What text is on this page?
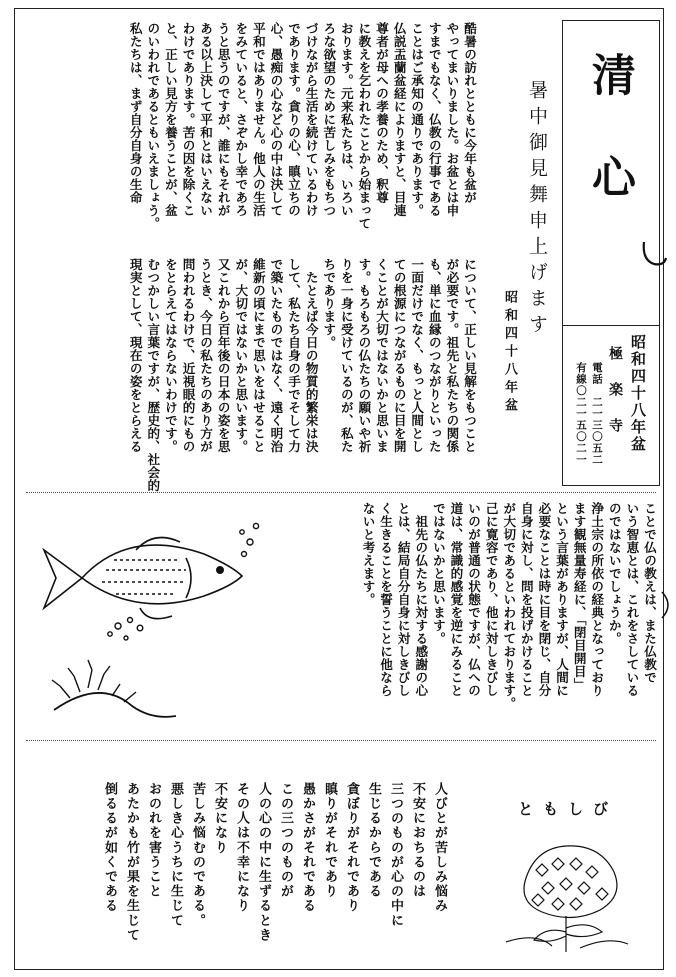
清心
昭和四十八年盆
極　楽　寺
電話　二一三〇五二
有線〇二一五〇二一
暑中御見舞申上げます
昭和四十八年盆
酷暑の訪れとともに今年も盆が
やってまいりました。お盆とは申
すまでもなく、仏教の行事である
ことはご承知の通りであります。
仏説盂蘭盆経によりますと、目連
尊者が母への孝養のため、釈尊
に教えを乞われたことから始まって
おります。元来私たちは、いろい
ろな欲望のために苦しみをもちつ
づけながら生活を続けているわけ
であります。貪りの心、瞋立ちの
心、愚痴の心など心の中は決して
平和ではありません。他人の生活
をみていると、さぞかし幸であろ
うと思うのですが、誰にもそれが
ある以上決して平和とはいえない
わけであります。苦の因を除くこ
と、正しい見方を養うことが、盆
のいわれであるともいえましょう。
私たちは、まず自分自身の生命
について、正しい見解をもつこと
が必要です。祖先と私たちの関係
も、単に血縁のつながりといった
一面だけでなく、もっと人間とし
ての根源につながるものに目を開
くことが大切ではないかと思いま
す。もろもろの仏たちの願いや祈
りを一身に受けているのが、私た
ちであります。
　たとえば今日の物質的繁栄は決
して、私たち自身の手でそして力
で築いたものではなく、遠く明治
維新の頃にまで思いをはせること
が、大切ではないかと思います。
又これから百年後の日本の姿を思
うとき、今日の私たちのあり方が
問われるわけで、近視眼的にもの
をとらえてはならないわけです。
むつかしい言葉ですが、歴史的、社会的
現実として、現在の姿をとらえる
ことで仏の教えは、また仏教で
いう智恵とは、これをさしている
のではないでしょうか。
浄土宗の所依の経典となっており
ます観無量寿経に、「閉目開目」
という言葉がありますが、人間に
必要なことは時に目を閉じ、自分
自身に対し、問を投げかけること
が大切であるといわれております。
己に寛容であり、他に対しきびし
いのが普通の状態ですが、仏への
道は、常識的感覚を逆にみること
ではないかと思います。
　祖先の仏たちに対する感謝の心
とは、結局自分自身に対しきびし
く生きることを誓うことに他なら
ないと考えます。
ともしび
人びとが苦しみ悩み
不安におちるのは
三つのものが心の中に
生じるからである
貪ぼりがそれであり
瞋りがそれであり
愚かさがそれである
この三つのものが
人の心の中に生ずるとき
その人は不幸になり
不安になり
苦しみ悩むのである。
悪しき心うちに生じて
おのれを害うこと
あたかも竹が果を生じて
倒るるが如くである
